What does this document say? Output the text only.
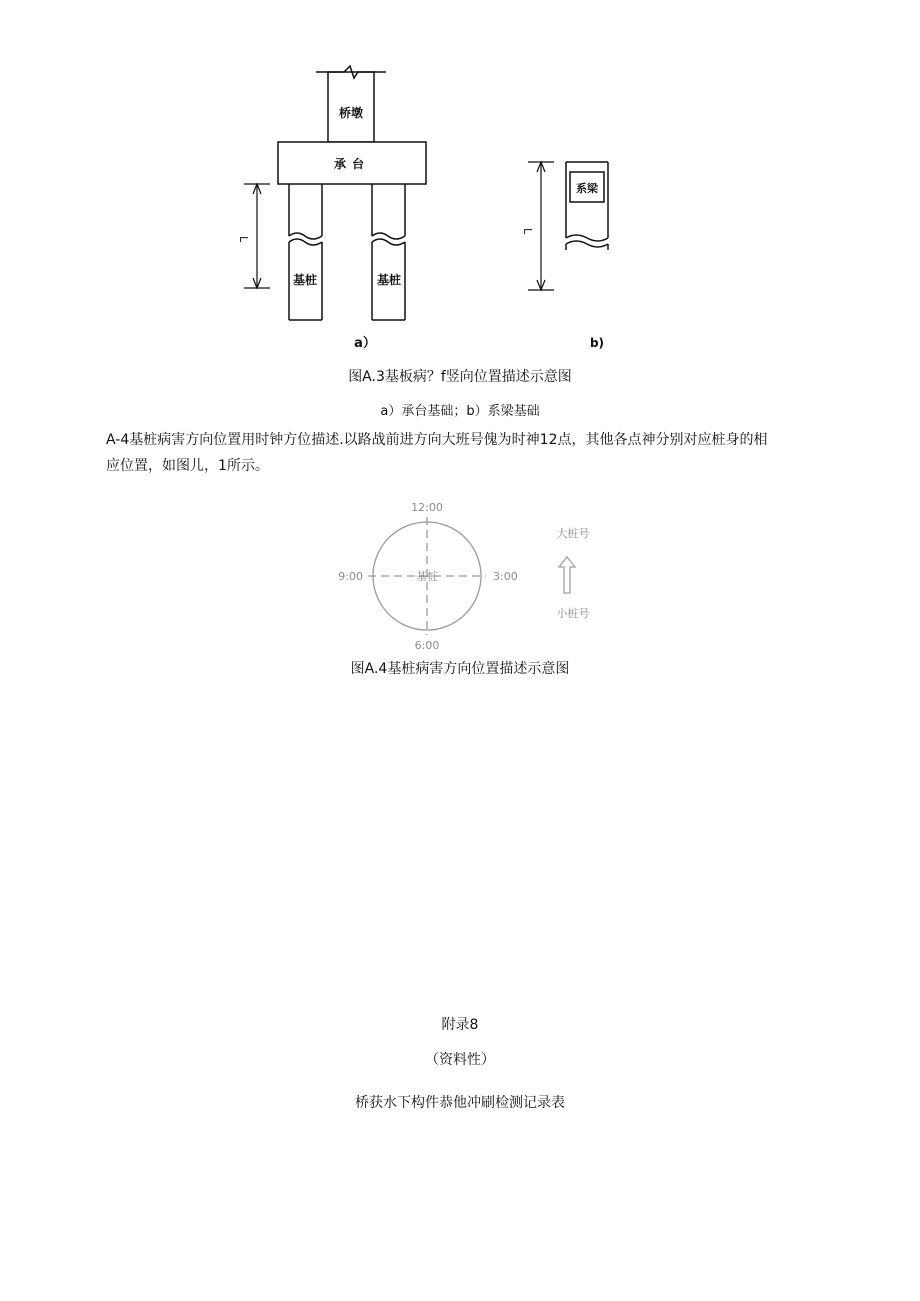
桥墩
承台
基桩	基桩
L
a）
系梁
L
b)
图A.3基板病？f竖向位置描述示意图
a）承台基础；b）系梁基础
A-4基桩病害方向位置用时钟方位描述.以路战前进方向大班号傀为时神12点，其他各点神分别对应桩身的相
应位置，如图儿，1所示。
12:00
3:00
6:00
9:00	基桩
大桩号
小桩号
图A.4基桩病害方向位置描述示意图
附录8
（资料性）
桥获水下构件恭他冲刷检测记录表
